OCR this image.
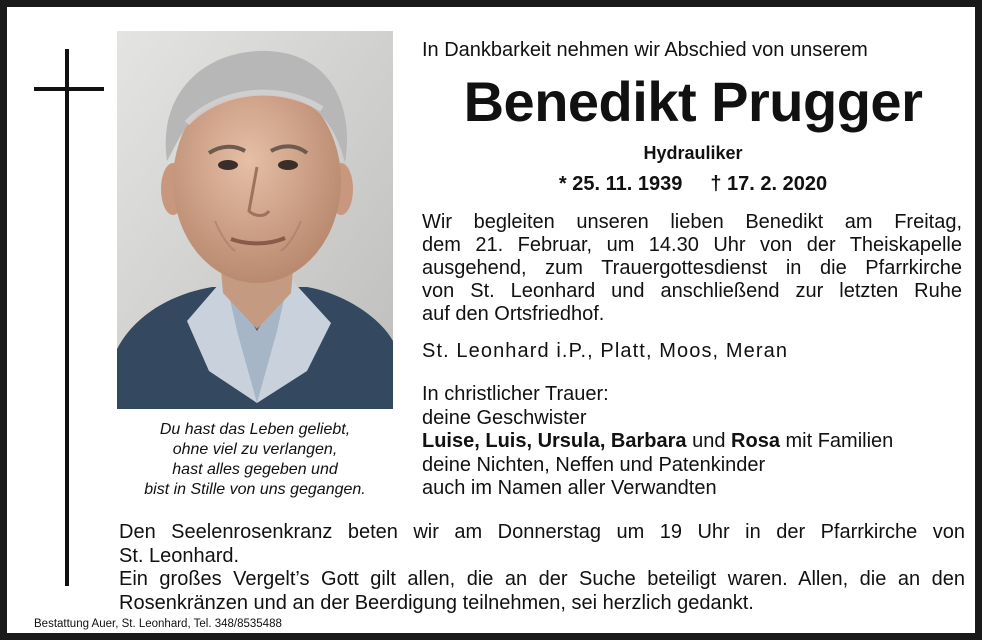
Du hast das Leben geliebt,
ohne viel zu verlangen,
hast alles gegeben und
bist in Stille von uns gegangen.
In Dankbarkeit nehmen wir Abschied von unserem
Benedikt Prugger
Hydrauliker
* 25. 11. 1939 † 17. 2. 2020
Wir begleiten unseren lieben Benedikt am Freitag,
dem 21. Februar, um 14.30 Uhr von der Theiskapelle
ausgehend, zum Trauergottesdienst in die Pfarrkirche
von St. Leonhard und anschließend zur letzten Ruhe
auf den Ortsfriedhof.
St. Leonhard i.P., Platt, Moos, Meran
In christlicher Trauer:
deine Geschwister
Luise, Luis, Ursula, Barbara und Rosa mit Familien
deine Nichten, Neffen und Patenkinder
auch im Namen aller Verwandten
Den Seelenrosenkranz beten wir am Donnerstag um 19 Uhr in der Pfarrkirche von
St. Leonhard.
Ein großes Vergelt’s Gott gilt allen, die an der Suche beteiligt waren. Allen, die an den
Rosenkränzen und an der Beerdigung teilnehmen, sei herzlich gedankt.
Bestattung Auer, St. Leonhard, Tel. 348/8535488
